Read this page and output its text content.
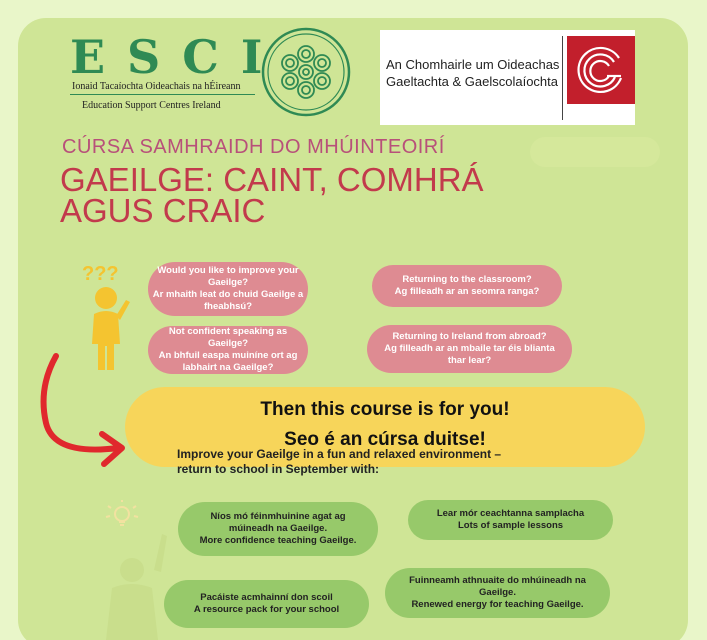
ESCI
Ionaid Tacaíochta Oideachais na hÉireann
Education Support Centres Ireland
An Chomhairle um Oideachas
Gaeltachta & Gaelscolaíochta
CÚRSA SAMHRAIDH DO MHÚINTEOIRÍ
GAEILGE: CAINT, COMHRÁ
AGUS CRAIC
???	Would you like to improve your Gaeilge?
Ar mhaith leat do chuid Gaeilge a
fheabhsú?
Returning to the classroom?
Ag filleadh ar an seomra ranga?
Not confident speaking as Gaeilge?
An bhfuil easpa muiníne ort ag
labhairt na Gaeilge?
Returning to Ireland from abroad?
Ag filleadh ar an mbaile tar éis blianta
thar lear?
Then this course is for you!
Seo é an cúrsa duitse!
Improve your Gaeilge in a fun and relaxed environment –
return to school in September with:
Níos mó féinmhuinine agat ag
múineadh na Gaeilge.
More confidence teaching Gaeilge.
Lear mór ceachtanna samplacha
Lots of sample lessons
Pacáiste acmhainní don scoil
A resource pack for your school
Fuinneamh athnuaite do mhúineadh na
Gaeilge.
Renewed energy for teaching Gaeilge.
